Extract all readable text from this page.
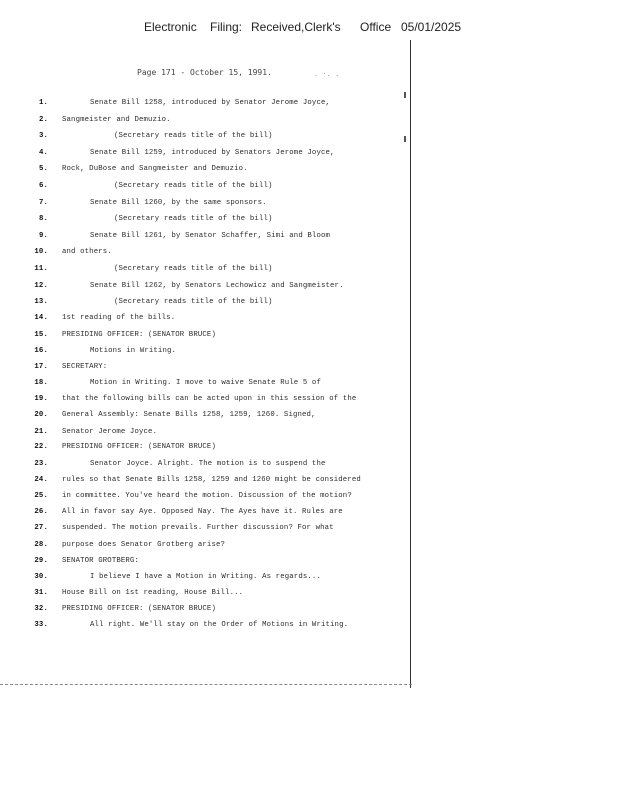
Electronic Filing: Received,Clerk's Office 05/01/2025
Page 171 - October 15, 1991.	. ·. .
1.	Senate Bill 1258, introduced by Senator Jerome Joyce,
2. Sangmeister and Demuzio.
3.	(Secretary reads title of the bill)
4.	Senate Bill 1259, introduced by Senators Jerome Joyce,
5. Rock, DuBose and Sangmeister and Demuzio.
6.	(Secretary reads title of the bill)
7.	Senate Bill 1260, by the same sponsors.
8.	(Secretary reads title of the bill)
9.	Senate Bill 1261, by Senator Schaffer, Simi and Bloom
10. and others.
11.	(Secretary reads title of the bill)
12.	Senate Bill 1262, by Senators Lechowicz and Sangmeister.
13.	(Secretary reads title of the bill)
14. 1st reading of the bills.
15. PRESIDING OFFICER: (SENATOR BRUCE)
16.	Motions in Writing.
17. SECRETARY:
18.	Motion in Writing. I move to waive Senate Rule 5 of
19. that the following bills can be acted upon in this session of the
20. General Assembly: Senate Bills 1258, 1259, 1260. Signed,
21. Senator Jerome Joyce.
22. PRESIDING OFFICER: (SENATOR BRUCE)
23.	Senator Joyce. Alright. The motion is to suspend the
24. rules so that Senate Bills 1258, 1259 and 1260 might be considered
25. in committee. You've heard the motion. Discussion of the motion?
26. All in favor say Aye. Opposed Nay. The Ayes have it. Rules are
27. suspended. The motion prevails. Further discussion? For what
28. purpose does Senator Grotberg arise?
29. SENATOR GROTBERG:
30.	I believe I have a Motion in Writing. As regards...
31. House Bill on 1st reading, House Bill...
32. PRESIDING OFFICER: (SENATOR BRUCE)
33.	All right. We'll stay on the Order of Motions in Writing.
